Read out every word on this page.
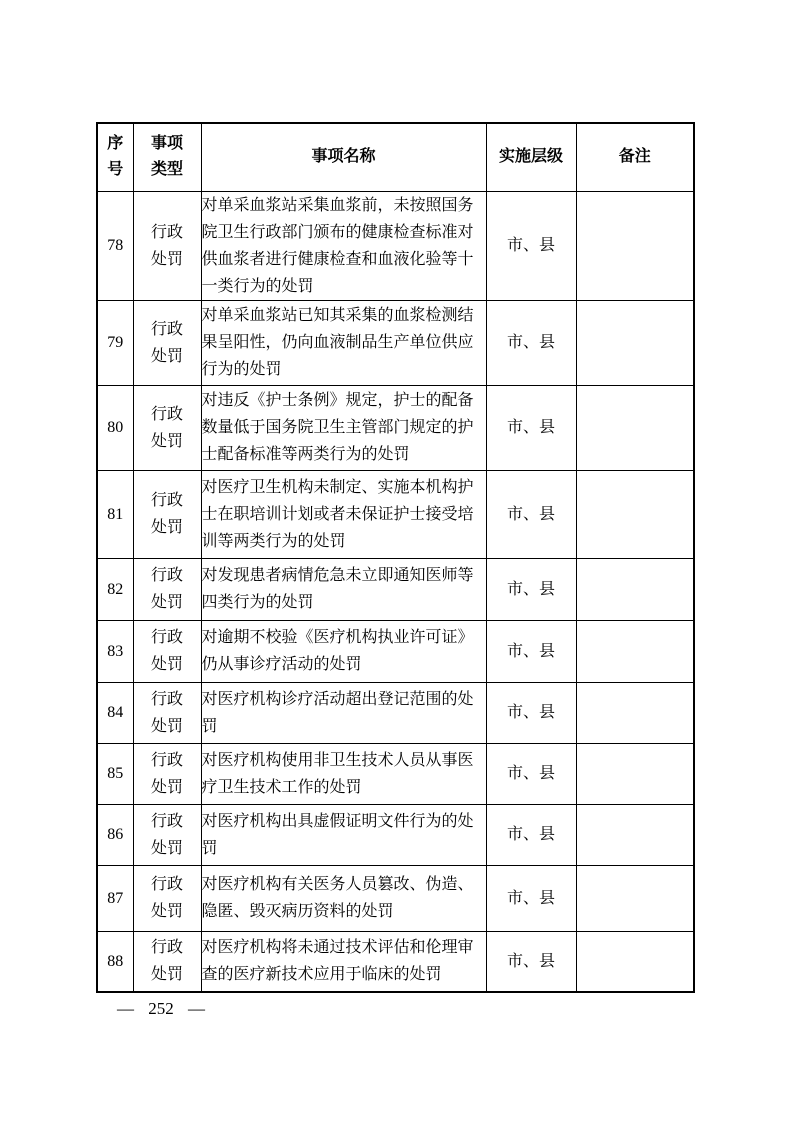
序号	事项类型	事项名称	实施层级	备注
78	行政处罚	对单采血浆站采集血浆前，未按照国务院卫生行政部门颁布的健康检查标准对供血浆者进行健康检查和血液化验等十一类行为的处罚	市、县	
79	行政处罚	对单采血浆站已知其采集的血浆检测结果呈阳性，仍向血液制品生产单位供应行为的处罚	市、县	
80	行政处罚	对违反《护士条例》规定，护士的配备数量低于国务院卫生主管部门规定的护士配备标准等两类行为的处罚	市、县	
81	行政处罚	对医疗卫生机构未制定、实施本机构护士在职培训计划或者未保证护士接受培训等两类行为的处罚	市、县	
82	行政处罚	对发现患者病情危急未立即通知医师等四类行为的处罚	市、县	
83	行政处罚	对逾期不校验《医疗机构执业许可证》仍从事诊疗活动的处罚	市、县	
84	行政处罚	对医疗机构诊疗活动超出登记范围的处罚	市、县	
85	行政处罚	对医疗机构使用非卫生技术人员从事医疗卫生技术工作的处罚	市、县	
86	行政处罚	对医疗机构出具虚假证明文件行为的处罚	市、县	
87	行政处罚	对医疗机构有关医务人员篡改、伪造、隐匿、毁灭病历资料的处罚	市、县	
88	行政处罚	对医疗机构将未通过技术评估和伦理审查的医疗新技术应用于临床的处罚	市、县	
— 252 —
